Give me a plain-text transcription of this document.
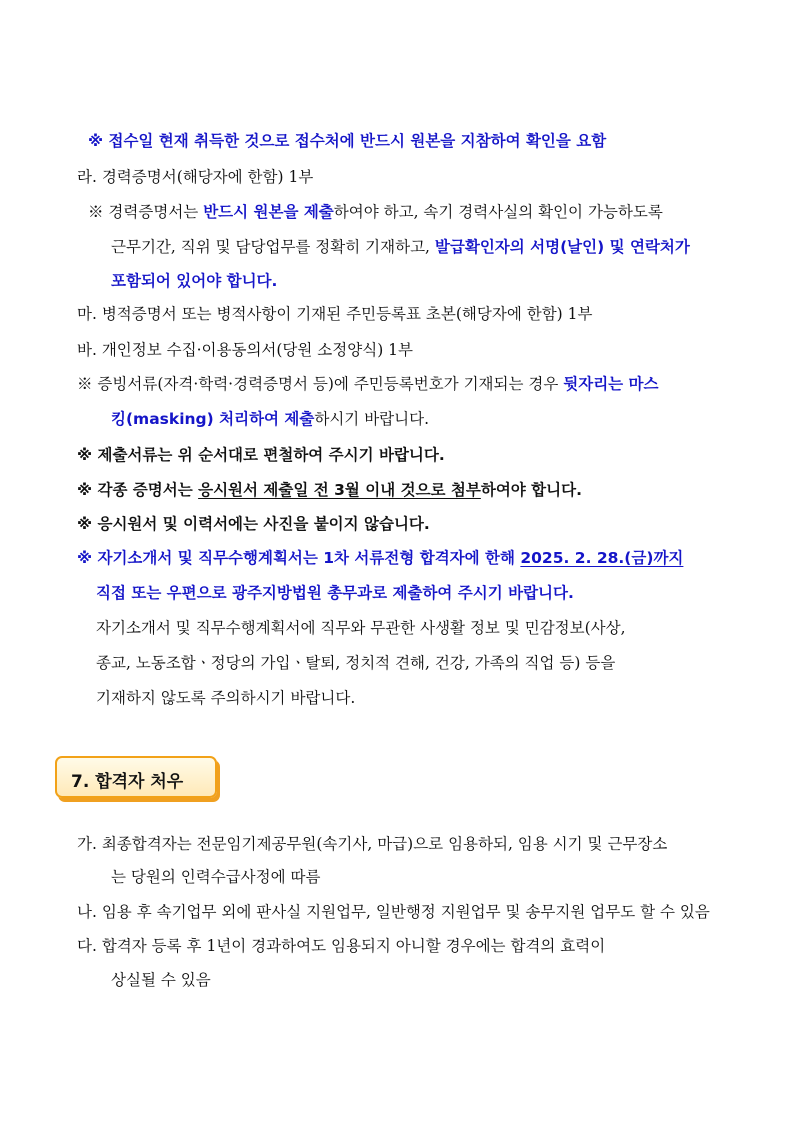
※ 접수일 현재 취득한 것으로 접수처에 반드시 원본을 지참하여 확인을 요함
라. 경력증명서(해당자에 한함) 1부
※ 경력증명서는 반드시 원본을 제출하여야 하고, 속기 경력사실의 확인이 가능하도록
근무기간, 직위 및 담당업무를 정확히 기재하고, 발급확인자의 서명(날인) 및 연락처가
포함되어 있어야 합니다.
마. 병적증명서 또는 병적사항이 기재된 주민등록표 초본(해당자에 한함) 1부
바. 개인정보 수집·이용동의서(당원 소정양식) 1부
※ 증빙서류(자격·학력·경력증명서 등)에 주민등록번호가 기재되는 경우 뒷자리는 마스
킹(masking) 처리하여 제출하시기 바랍니다.
※ 제출서류는 위 순서대로 편철하여 주시기 바랍니다.
※ 각종 증명서는 응시원서 제출일 전 3월 이내 것으로 첨부하여야 합니다.
※ 응시원서 및 이력서에는 사진을 붙이지 않습니다.
※ 자기소개서 및 직무수행계획서는 1차 서류전형 합격자에 한해 2025. 2. 28.(금)까지
직접 또는 우편으로 광주지방법원 총무과로 제출하여 주시기 바랍니다.
자기소개서 및 직무수행계획서에 직무와 무관한 사생활 정보 및 민감정보(사상,
종교, 노동조합ㆍ정당의 가입ㆍ탈퇴, 정치적 견해, 건강, 가족의 직업 등) 등을
기재하지 않도록 주의하시기 바랍니다.
7. 합격자 처우
가. 최종합격자는 전문임기제공무원(속기사, 마급)으로 임용하되, 임용 시기 및 근무장소
는 당원의 인력수급사정에 따름
나. 임용 후 속기업무 외에 판사실 지원업무, 일반행정 지원업무 및 송무지원 업무도 할 수 있음
다. 합격자 등록 후 1년이 경과하여도 임용되지 아니할 경우에는 합격의 효력이
상실될 수 있음
